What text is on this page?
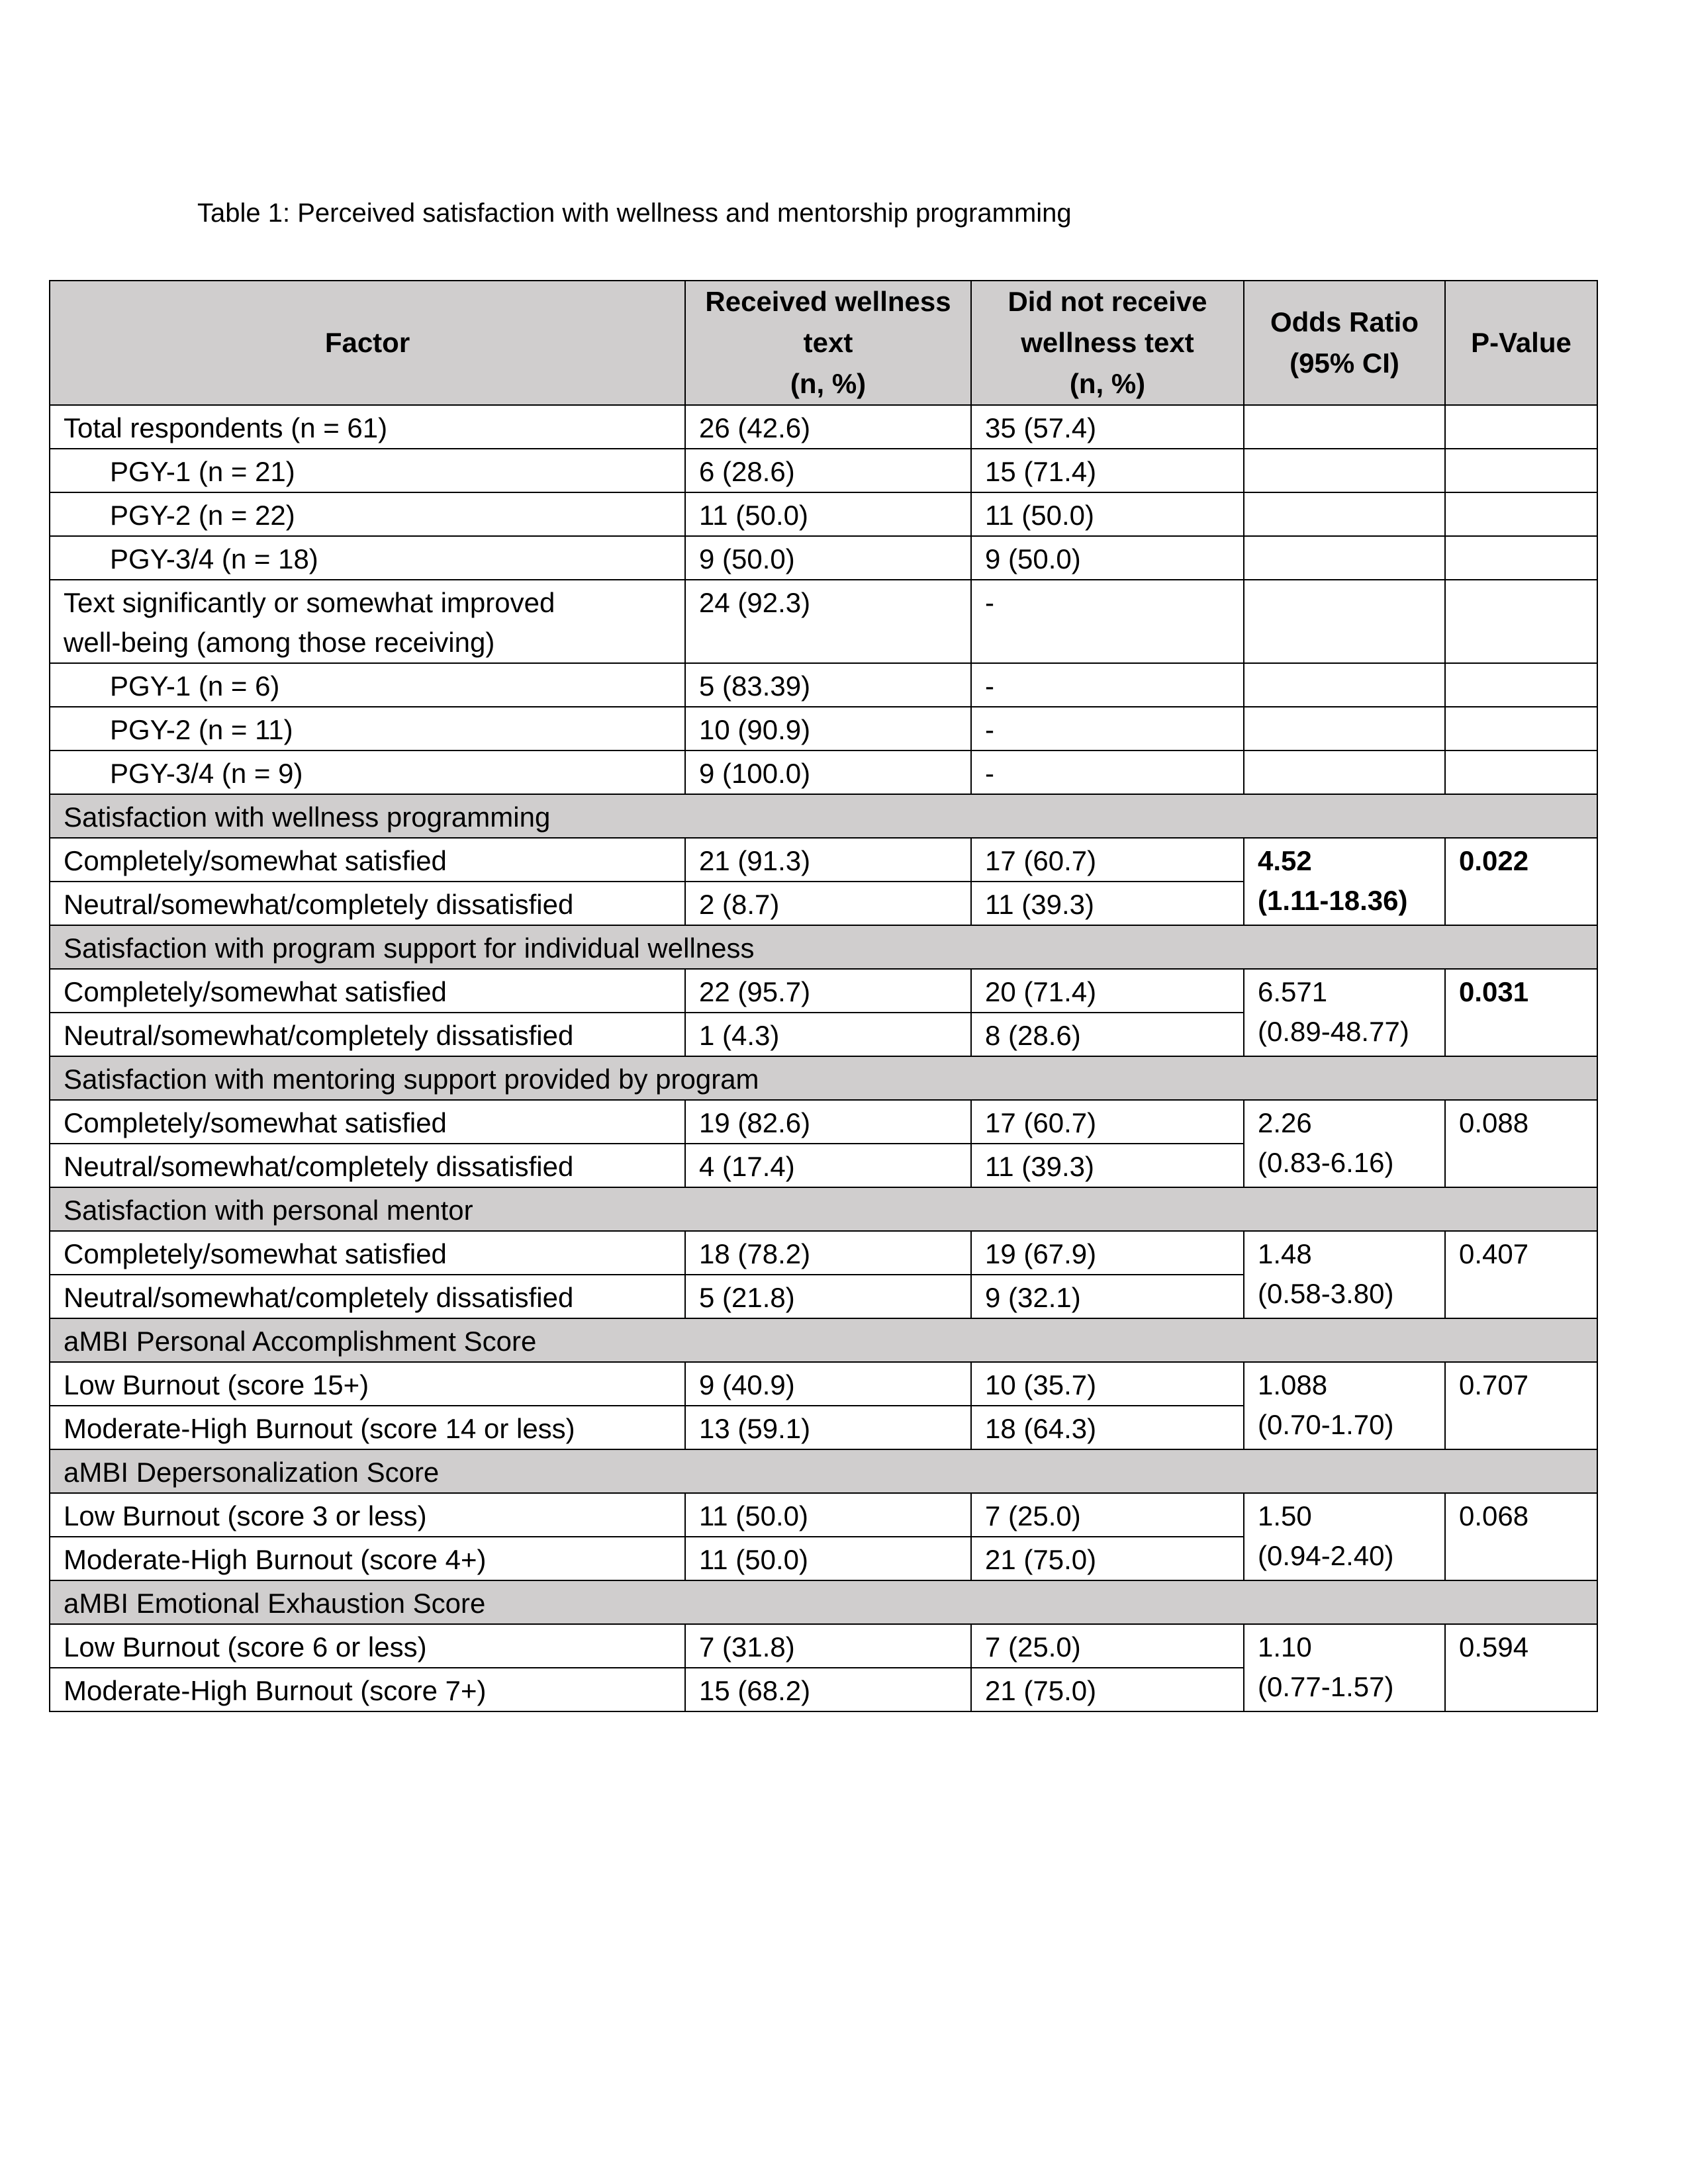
Table 1: Perceived satisfaction with wellness and mentorship programming
Factor	Received wellness
text
(n, %)	Did not receive
wellness text
(n, %)	Odds Ratio
(95% CI)	P-Value
Total respondents (n = 61)	26 (42.6)	35 (57.4)		
PGY-1 (n = 21)	6 (28.6)	15 (71.4)		
PGY-2 (n = 22)	11 (50.0)	11 (50.0)		
PGY-3/4 (n = 18)	9 (50.0)	9 (50.0)		

Text significantly or somewhat improved
well-being (among those receiving)	24 (92.3)	-		
PGY-1 (n = 6)	5 (83.39)	-		
PGY-2 (n = 11)	10 (90.9)	-		
PGY-3/4 (n = 9)	9 (100.0)	-		
Satisfaction with wellness programming				
Completely/somewhat satisfied	21 (91.3)	17 (60.7)	4.52
(1.11-18.36)	0.022
Neutral/somewhat/completely dissatisfied	2 (8.7)	11 (39.3)		
Satisfaction with program support for individual wellness				
Completely/somewhat satisfied	22 (95.7)	20 (71.4)	6.571
(0.89-48.77)	0.031
Neutral/somewhat/completely dissatisfied	1 (4.3)	8 (28.6)		
Satisfaction with mentoring support provided by program				
Completely/somewhat satisfied	19 (82.6)	17 (60.7)	2.26
(0.83-6.16)	0.088
Neutral/somewhat/completely dissatisfied	4 (17.4)	11 (39.3)		
Satisfaction with personal mentor				
Completely/somewhat satisfied	18 (78.2)	19 (67.9)	1.48
(0.58-3.80)	0.407
Neutral/somewhat/completely dissatisfied	5 (21.8)	9 (32.1)		
aMBI Personal Accomplishment Score				
Low Burnout (score 15+)	9 (40.9)	10 (35.7)	1.088
(0.70-1.70)	0.707
Moderate-High Burnout (score 14 or less)	13 (59.1)	18 (64.3)		
aMBI Depersonalization Score				
Low Burnout (score 3 or less)	11 (50.0)	7 (25.0)	1.50
(0.94-2.40)	0.068
Moderate-High Burnout (score 4+)	11 (50.0)	21 (75.0)		
aMBI Emotional Exhaustion Score				
Low Burnout (score 6 or less)	7 (31.8)	7 (25.0)	1.10
(0.77-1.57)	0.594
Moderate-High Burnout (score 7+)	15 (68.2)	21 (75.0)		
